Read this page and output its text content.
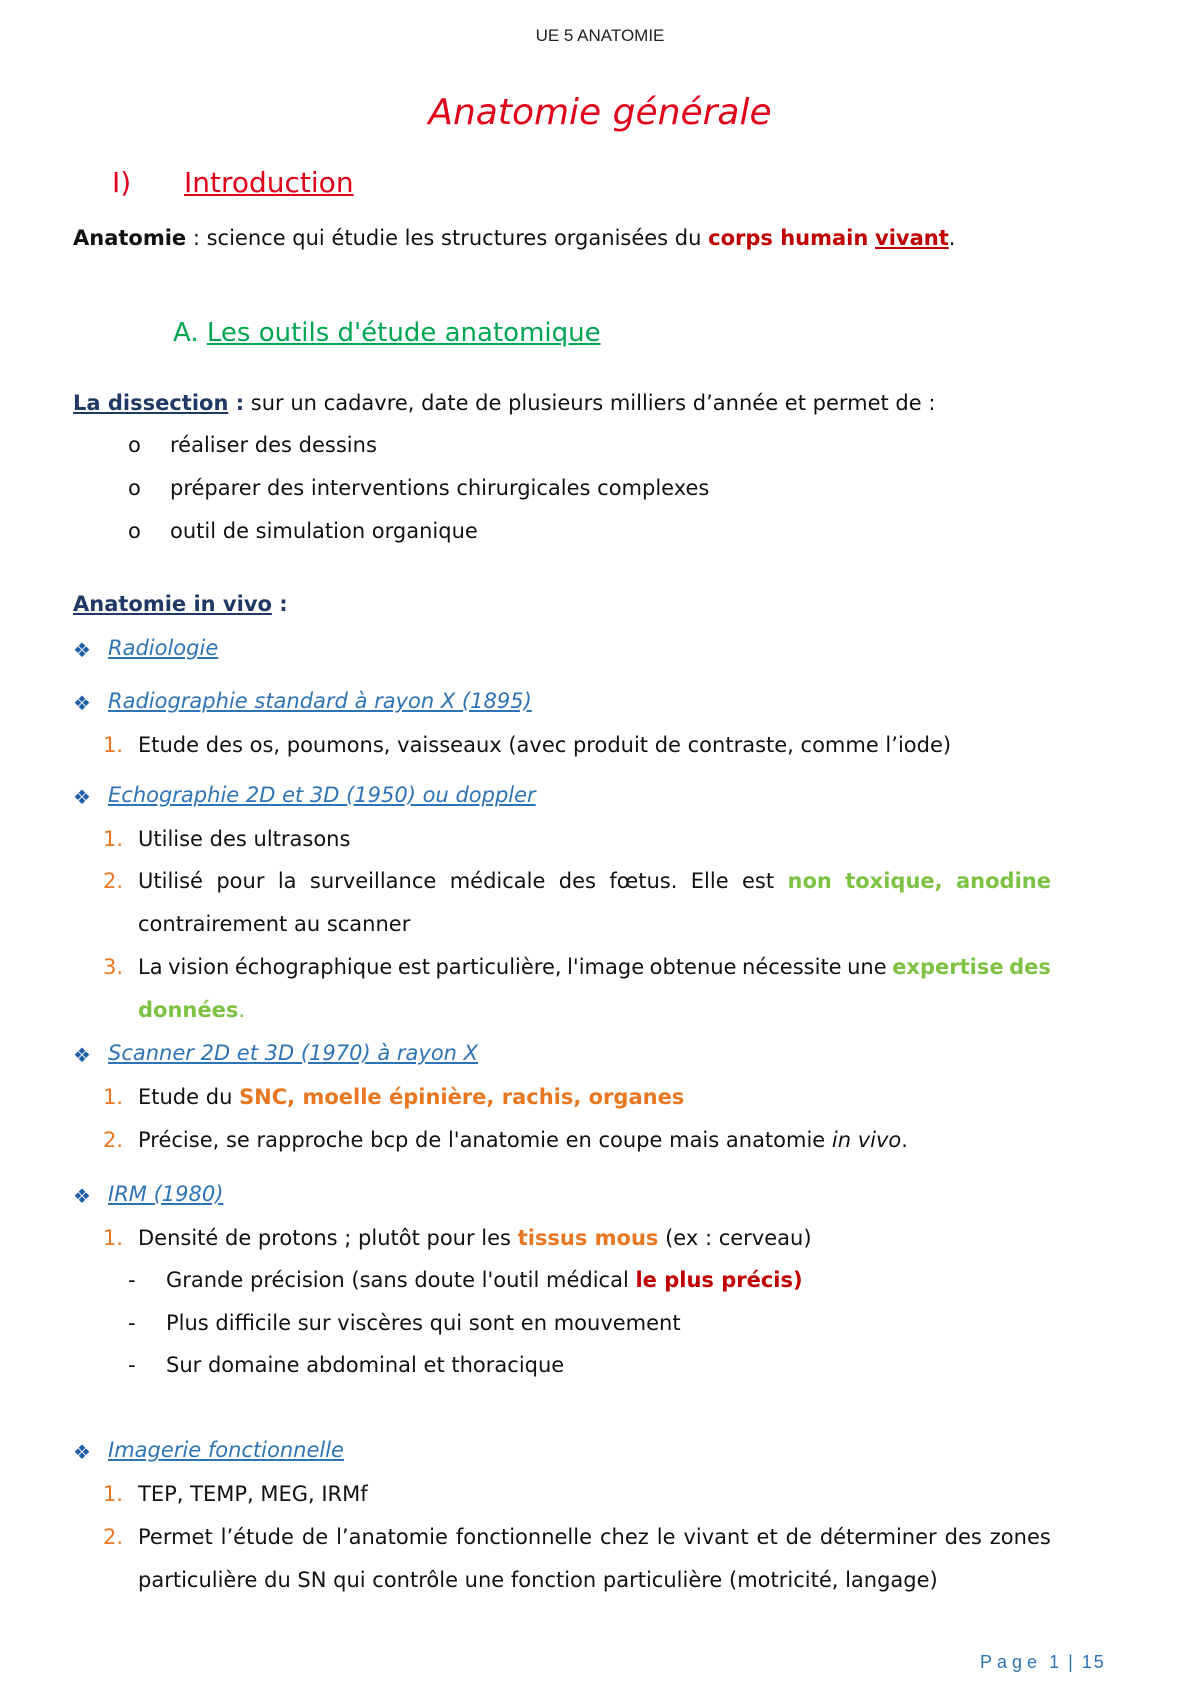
UE 5 ANATOMIE
Anatomie générale
I) Introduction
Anatomie : science qui étudie les structures organisées du corps humain vivant.
A. Les outils d'étude anatomique
La dissection : sur un cadavre, date de plusieurs milliers d’année et permet de :
o réaliser des dessins
o préparer des interventions chirurgicales complexes
o outil de simulation organique
Anatomie in vivo :
❖ Radiologie
❖ Radiographie standard à rayon X (1895)
1. Etude des os, poumons, vaisseaux (avec produit de contraste, comme l’iode)
❖ Echographie 2D et 3D (1950) ou doppler
1. Utilise des ultrasons
2. Utilisé pour la surveillance médicale des fœtus. Elle est non toxique, anodine
contrairement au scanner
3. La vision échographique est particulière, l'image obtenue nécessite une expertise des
données.
❖ Scanner 2D et 3D (1970) à rayon X
1. Etude du SNC, moelle épinière, rachis, organes
2. Précise, se rapproche bcp de l'anatomie en coupe mais anatomie in vivo.
❖ IRM (1980)
1. Densité de protons ; plutôt pour les tissus mous (ex : cerveau)
- Grande précision (sans doute l'outil médical le plus précis)
- Plus difficile sur viscères qui sont en mouvement
- Sur domaine abdominal et thoracique
❖ Imagerie fonctionnelle
1. TEP, TEMP, MEG, IRMf
2. Permet l’étude de l’anatomie fonctionnelle chez le vivant et de déterminer des zones
particulière du SN qui contrôle une fonction particulière (motricité, langage)
Page 1 | 15
